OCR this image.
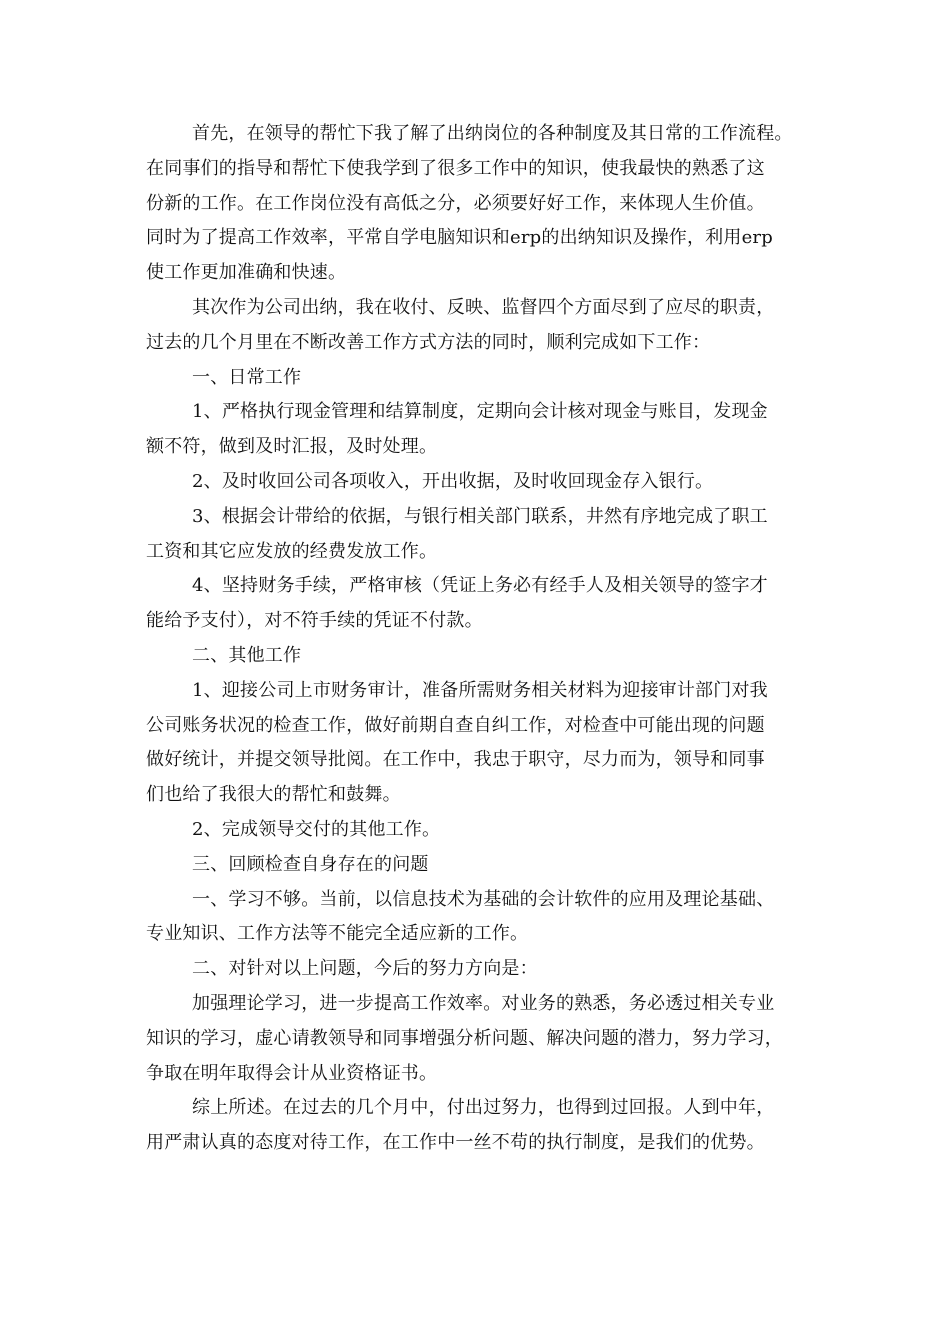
首先，在领导的帮忙下我了解了出纳岗位的各种制度及其日常的工作流程。
在同事们的指导和帮忙下使我学到了很多工作中的知识，使我最快的熟悉了这
份新的工作。在工作岗位没有高低之分，必须要好好工作，来体现人生价值。
同时为了提高工作效率，平常自学电脑知识和erp的出纳知识及操作，利用erp
使工作更加准确和快速。
其次作为公司出纳，我在收付、反映、监督四个方面尽到了应尽的职责，
过去的几个月里在不断改善工作方式方法的同时，顺利完成如下工作：
一、日常工作
1、严格执行现金管理和结算制度，定期向会计核对现金与账目，发现金
额不符，做到及时汇报，及时处理。
2、及时收回公司各项收入，开出收据，及时收回现金存入银行。
3、根据会计带给的依据，与银行相关部门联系，井然有序地完成了职工
工资和其它应发放的经费发放工作。
4、坚持财务手续，严格审核（凭证上务必有经手人及相关领导的签字才
能给予支付），对不符手续的凭证不付款。
二、其他工作
1、迎接公司上市财务审计，准备所需财务相关材料为迎接审计部门对我
公司账务状况的检查工作，做好前期自查自纠工作，对检查中可能出现的问题
做好统计，并提交领导批阅。在工作中，我忠于职守，尽力而为，领导和同事
们也给了我很大的帮忙和鼓舞。
2、完成领导交付的其他工作。
三、回顾检查自身存在的问题
一、学习不够。当前，以信息技术为基础的会计软件的应用及理论基础、
专业知识、工作方法等不能完全适应新的工作。
二、对针对以上问题，今后的努力方向是：
加强理论学习，进一步提高工作效率。对业务的熟悉，务必透过相关专业
知识的学习，虚心请教领导和同事增强分析问题、解决问题的潜力，努力学习，
争取在明年取得会计从业资格证书。
综上所述。在过去的几个月中，付出过努力，也得到过回报。人到中年，
用严肃认真的态度对待工作，在工作中一丝不苟的执行制度，是我们的优势。
